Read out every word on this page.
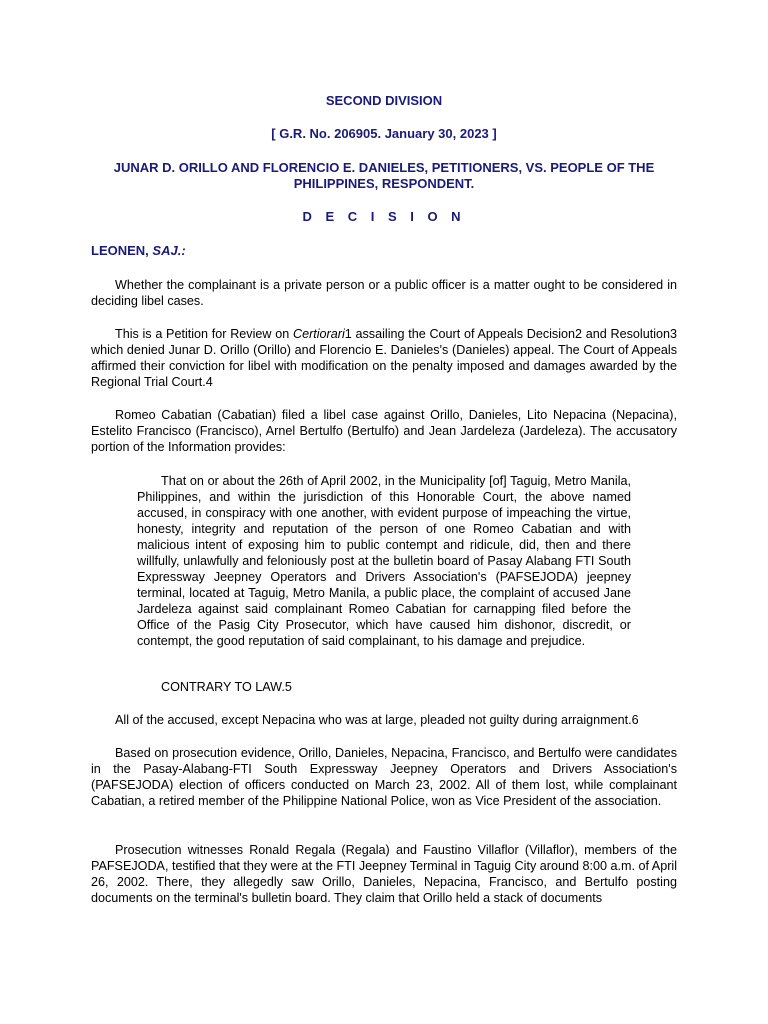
SECOND DIVISION
[ G.R. No. 206905. January 30, 2023 ]
JUNAR D. ORILLO AND FLORENCIO E. DANIELES, PETITIONERS, VS. PEOPLE OF THE PHILIPPINES, RESPONDENT.
D E C I S I O N
LEONEN, SAJ.:
Whether the complainant is a private person or a public officer is a matter ought to be considered in deciding libel cases.
This is a Petition for Review on Certiorari1 assailing the Court of Appeals Decision2 and Resolution3 which denied Junar D. Orillo (Orillo) and Florencio E. Danieles's (Danieles) appeal. The Court of Appeals affirmed their conviction for libel with modification on the penalty imposed and damages awarded by the Regional Trial Court.4
Romeo Cabatian (Cabatian) filed a libel case against Orillo, Danieles, Lito Nepacina (Nepacina), Estelito Francisco (Francisco), Arnel Bertulfo (Bertulfo) and Jean Jardeleza (Jardeleza). The accusatory portion of the Information provides:
That on or about the 26th of April 2002, in the Municipality [of] Taguig, Metro Manila, Philippines, and within the jurisdiction of this Honorable Court, the above named accused, in conspiracy with one another, with evident purpose of impeaching the virtue, honesty, integrity and reputation of the person of one Romeo Cabatian and with malicious intent of exposing him to public contempt and ridicule, did, then and there willfully, unlawfully and feloniously post at the bulletin board of Pasay Alabang FTI South Expressway Jeepney Operators and Drivers Association's (PAFSEJODA) jeepney terminal, located at Taguig, Metro Manila, a public place, the complaint of accused Jane Jardeleza against said complainant Romeo Cabatian for carnapping filed before the Office of the Pasig City Prosecutor, which have caused him dishonor, discredit, or contempt, the good reputation of said complainant, to his damage and prejudice.
CONTRARY TO LAW.5
All of the accused, except Nepacina who was at large, pleaded not guilty during arraignment.6
Based on prosecution evidence, Orillo, Danieles, Nepacina, Francisco, and Bertulfo were candidates in the Pasay-Alabang-FTI South Expressway Jeepney Operators and Drivers Association's (PAFSEJODA) election of officers conducted on March 23, 2002. All of them lost, while complainant Cabatian, a retired member of the Philippine National Police, won as Vice President of the association.
Prosecution witnesses Ronald Regala (Regala) and Faustino Villaflor (Villaflor), members of the PAFSEJODA, testified that they were at the FTI Jeepney Terminal in Taguig City around 8:00 a.m. of April 26, 2002. There, they allegedly saw Orillo, Danieles, Nepacina, Francisco, and Bertulfo posting documents on the terminal's bulletin board. They claim that Orillo held a stack of documents
